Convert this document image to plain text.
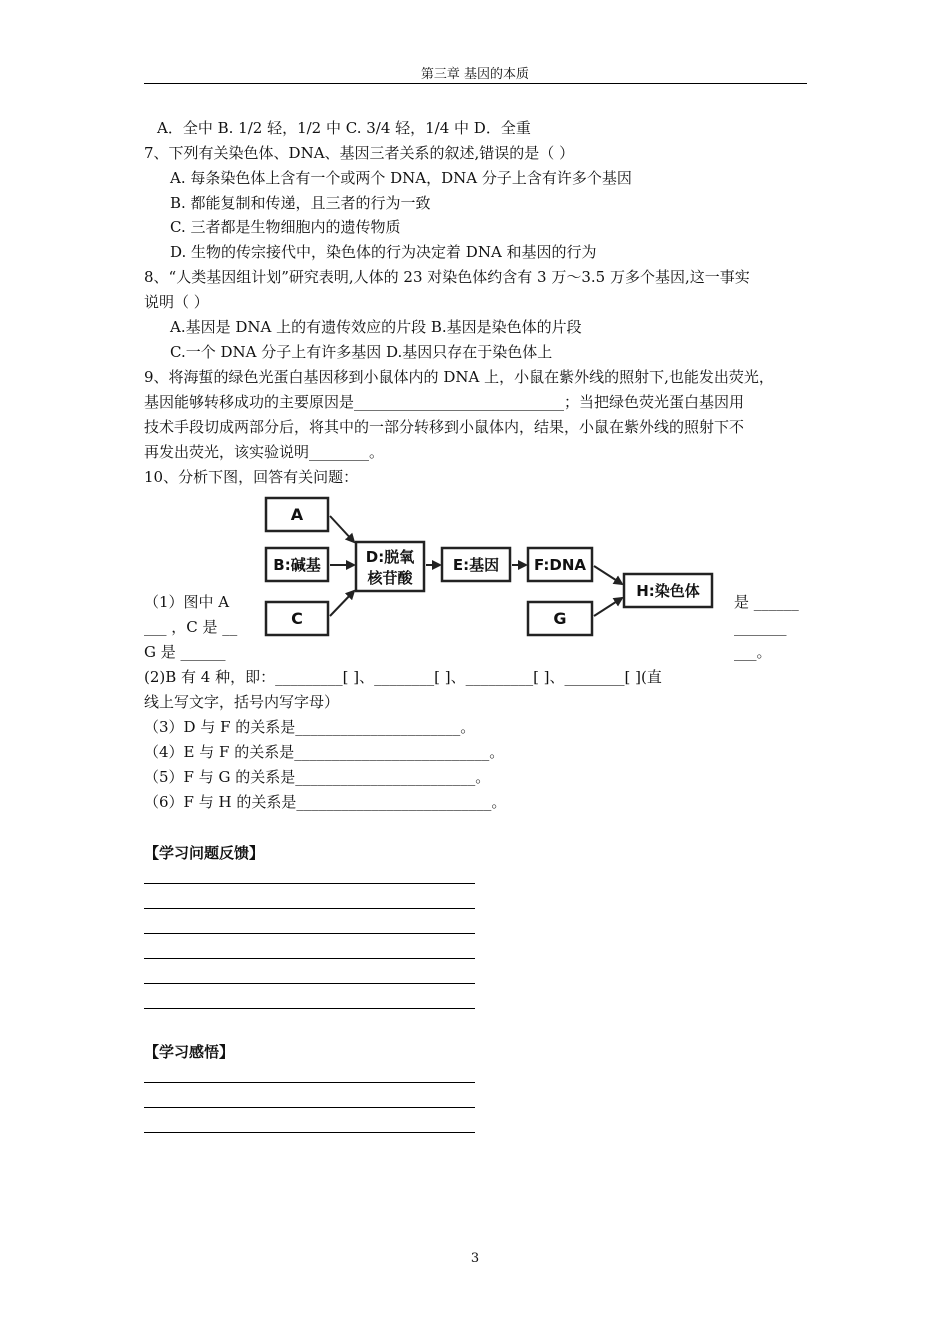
第三章 基因的本质
A．全中 B. 1/2 轻，1/2 中 C. 3/4 轻，1/4 中 D．全重
7、下列有关染色体、DNA、基因三者关系的叙述,错误的是（ ）
A. 每条染色体上含有一个或两个 DNA，DNA 分子上含有许多个基因
B. 都能复制和传递，且三者的行为一致
C. 三者都是生物细胞内的遗传物质
D. 生物的传宗接代中，染色体的行为决定着 DNA 和基因的行为
8、“人类基因组计划”研究表明,人体的 23 对染色体约含有 3 万～3.5 万多个基因,这一事实
说明（ ）
A.基因是 DNA 上的有遗传效应的片段 B.基因是染色体的片段
C.一个 DNA 分子上有许多基因 D.基因只存在于染色体上
9、将海蜇的绿色光蛋白基因移到小鼠体内的 DNA 上，小鼠在紫外线的照射下,也能发出荧光，
基因能够转移成功的主要原因是____________________________；当把绿色荧光蛋白基因用
技术手段切成两部分后，将其中的一部分转移到小鼠体内，结果，小鼠在紫外线的照射下不
再发出荧光，该实验说明________。
10、分析下图，回答有关问题：
A
B:碱基
C
D:脱氧
核苷酸
E:基因 F:DNA
G
H:染色体
（1）图中 A
___ ，C 是 __
G 是 ______
是 ______
_______
___。
(2)B 有 4 种，即：_________[ ]、________[ ]、_________[ ]、________[ ](直
线上写文字，括号内写字母）
（3）D 与 F 的关系是______________________。
（4）E 与 F 的关系是__________________________。
（5）F 与 G 的关系是________________________。
（6）F 与 H 的关系是__________________________。
【学习问题反馈】
【学习感悟】
3
